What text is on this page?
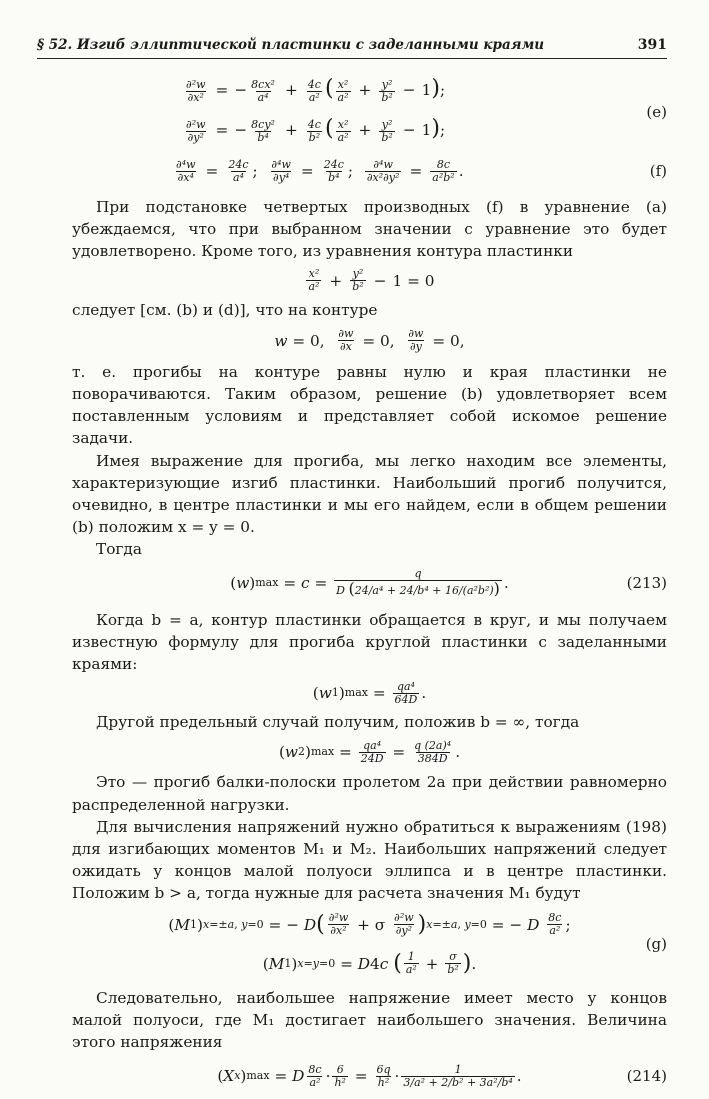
§ 52. Изгиб эллиптической пластинки с заделанными краями	391
$\frac{\text{∂²w}}{\text{∂x²}}$ = − $\frac{\text{8cx²}}{\text{a⁴}} + \frac{4c}{\text{a²}}$ ( $\frac{\text{x²}}{\text{a²}} + \frac{\text{y²}}{\text{b²}} - 1$);
$\frac{\text{∂²w}}{\text{∂y²}}$ = − $\frac{\text{8cy²}}{\text{b⁴}} + \frac{4c}{\text{b²}}$ ( $\frac{\text{x²}}{\text{a²}} + \frac{\text{y²}}{\text{b²}} - 1$);
(e)
$\frac{\text{∂⁴w}}{\text{∂x⁴}} = \frac{24c}{\text{a⁴}}$ ; $\frac{\text{∂⁴w}}{\text{∂y⁴}} = \frac{24c}{\text{b⁴}}$ ; $\frac{\text{∂⁴w}}{\text{∂x²∂y²}} = \frac{8c}{\text{a²b²}}$ .	(f)

При подстановке четвертых производных (f) в уравнение (a) убеждаемся, что при выбранном значении c уравнение это будет удовлетворено. Кроме того, из уравнения контура пластинки

$\frac{\text{x²}}{\text{a²}} + \frac{\text{y²}}{\text{b²}} - 1 = 0$

следует [см. (b) и (d)], что на контуре

w = 0, $\frac{\partial w}{\partial x} = 0$, $\frac{\partial w}{\partial y} = 0$,

т. е. прогибы на контуре равны нулю и края пластинки не поворачиваются. Таким образом, решение (b) удовлетворяет всем поставленным условиям и представляет собой искомое решение задачи.

Имея выражение для прогиба, мы легко находим все элементы, характеризующие изгиб пластинки. Наибольший прогиб получится, очевидно, в центре пластинки и мы его найдем, если в общем решении (b) положим x = y = 0.

Тогда

( w ) $\max = c = \frac{q}{\text{D (24/a⁴ + 24/b⁴ + 16/(a²b²))}}$ .	(213)

Когда b = a, контур пластинки обращается в круг, и мы получаем известную формулу для прогиба круглой пластинки с заделанными краями:

( w 1 ) $\max = \frac{\text{qa⁴}}{64D}$ .

Другой предельный случай получим, положив b = ∞, тогда

( w 2 ) $\max = \frac{\text{qa⁴}}{24D} = \frac{\text{q (2a)⁴}}{384D}$ .

Это — прогиб балки-полоски пролетом 2a при действии равномерно распределенной нагрузки.

Для вычисления напряжений нужно обратиться к выражениям (198) для изгибающих моментов M₁ и M₂. Наибольших напряжений следует ожидать у концов малой полуоси эллипса и в центре пластинки. Положим b > a, тогда нужные для расчета значения M₁ будут

( M 1 ) x=±a, y=0 = − D ( $\frac{\text{∂²w}}{\text{∂x²}} + \sigma \frac{\text{∂²w}}{\text{∂y²}}$ ) x=±a, y=0 = − D
$\frac{8c}{\text{a²}}$ ;
( M 1 ) x=y=0 = D 4 c
( $\frac{1}{\text{a²}} + \frac{\sigma}{\text{b²}}$ ) .
(g)

Следовательно, наибольшее напряжение имеет место у концов малой полуоси, где M₁ достигает наибольшего значения. Величина этого напряжения

( X x ) max = D $\frac{8c}{\text{a²}} \cdot \frac{6}{\text{h²}} = \frac{6q}{\text{h²}} \cdot \frac{1}{\text{3/a² + 2/b² + 3a²/b⁴}}$ .	(214)
